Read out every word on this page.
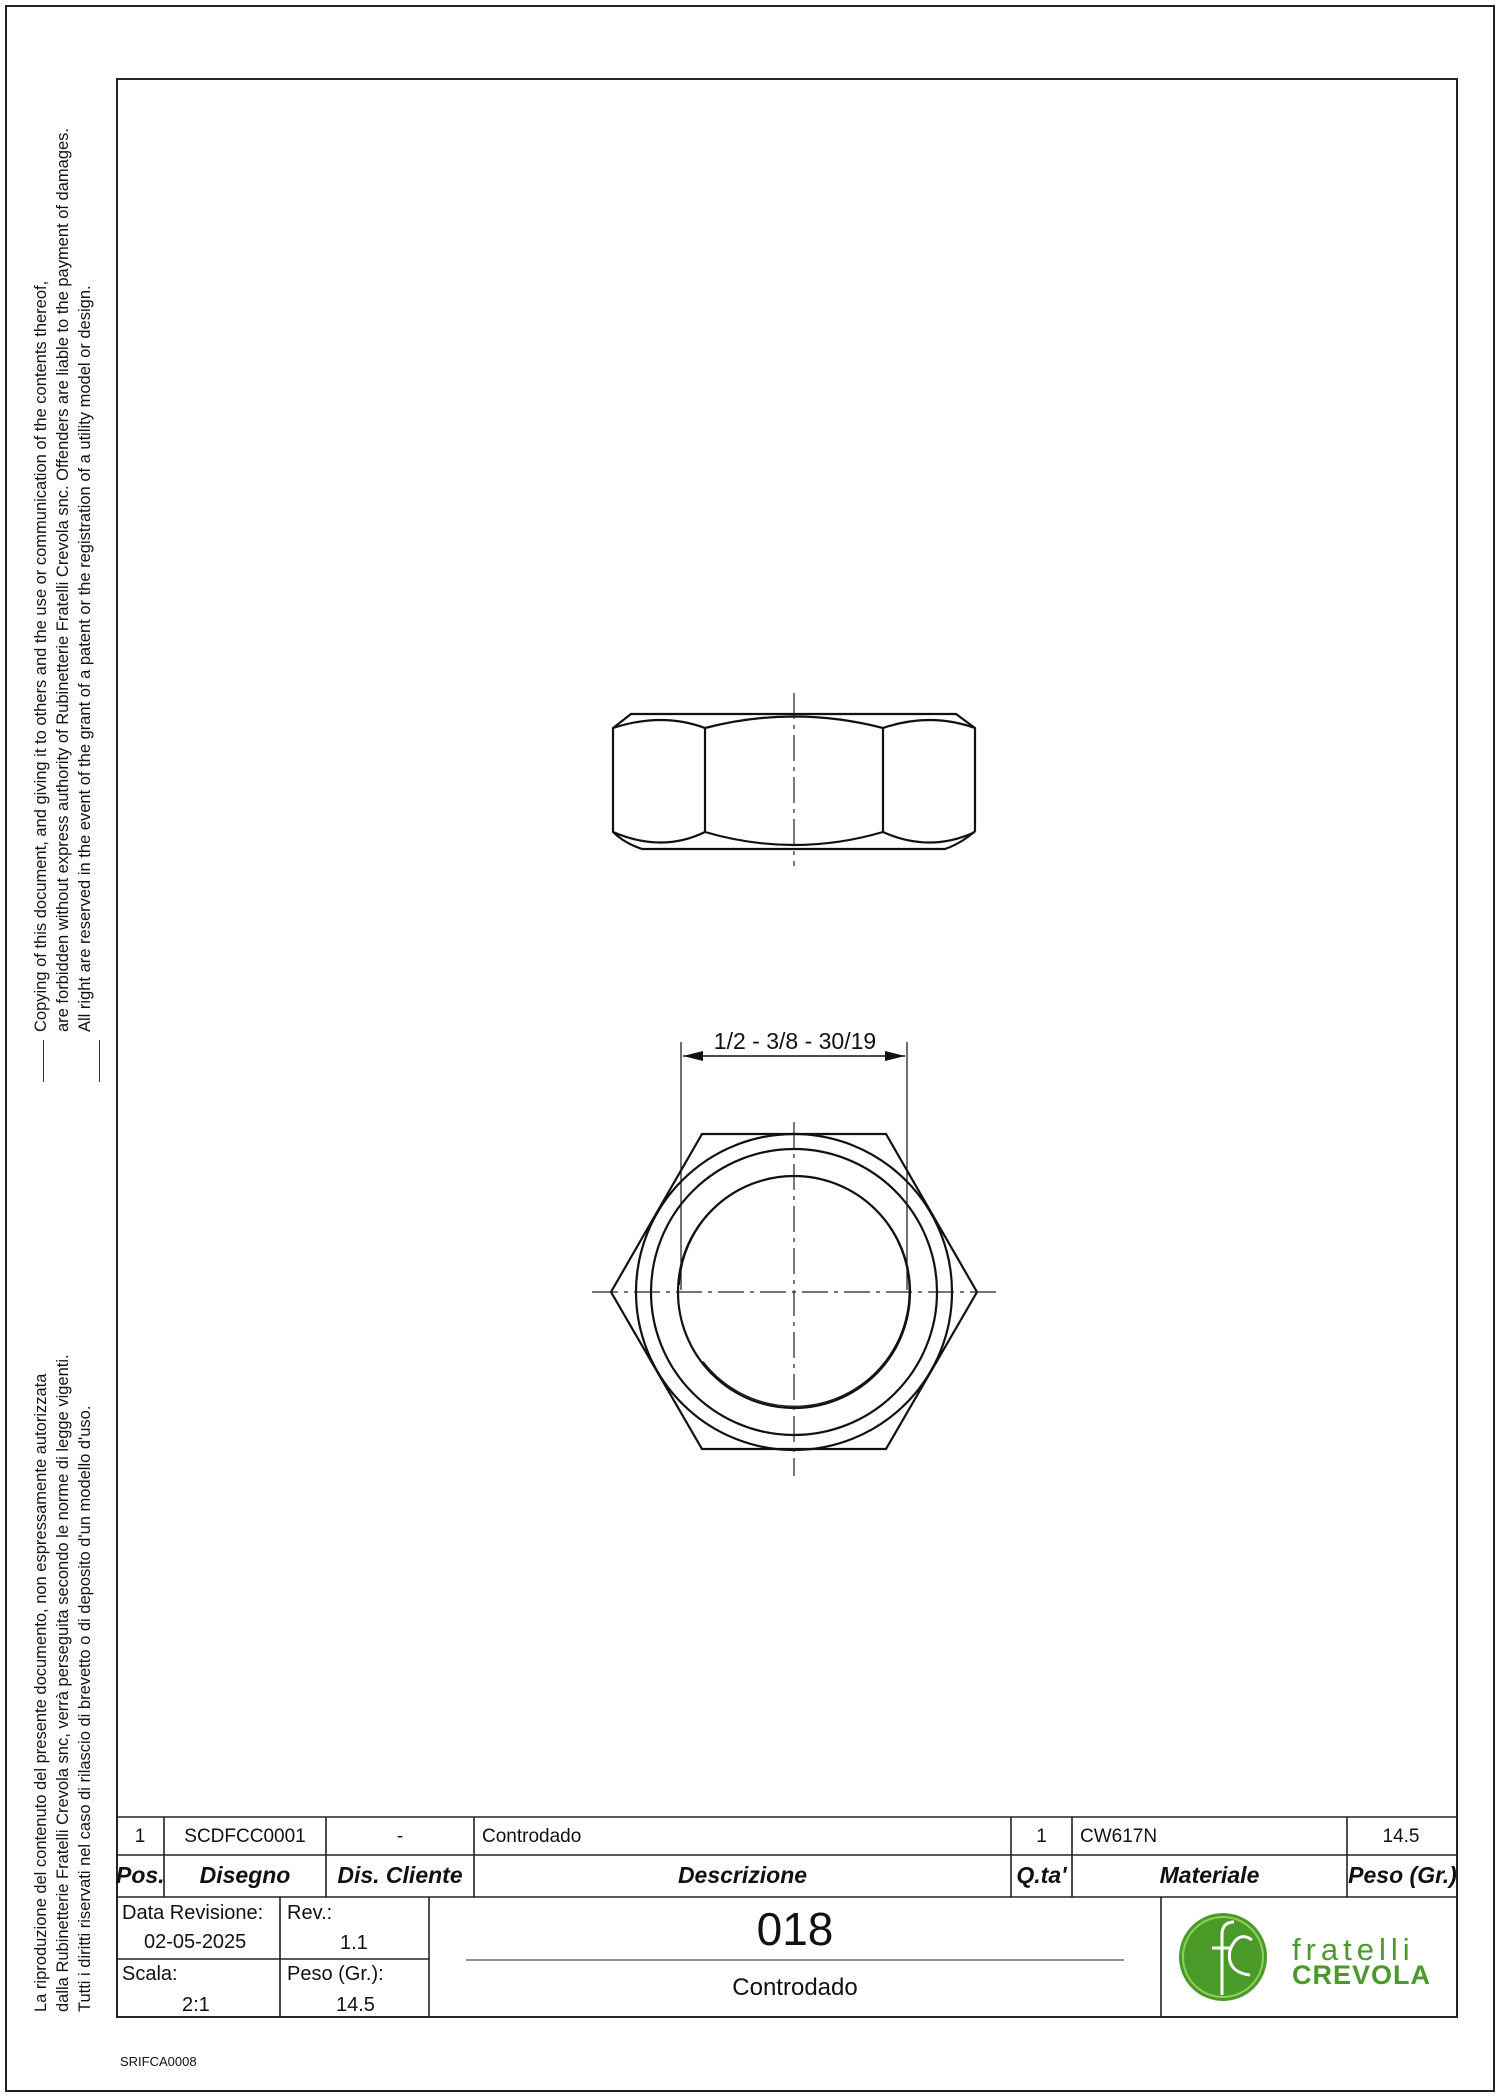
Copying of this document, and giving it to others and the use or communication of the contents thereof, are forbidden without express authority of Rubinetterie Fratelli Crevola snc. Offenders are liable to the payment of damages. All right are reserved in the event of the grant of a patent or the registration of a utility model or design.
La riproduzione del contenuto del presente documento, non espressamente autorizzata dalla Rubinetterie Fratelli Crevola snc, verrà perseguita secondo le norme di legge vigenti. Tutti i diritti riservati nel caso di rilascio di brevetto o di deposito d'un modello d'uso.
1/2 - 3/8 - 30/19
1	SCDFCC0001	-	Controdado	1	CW617N	14.5
Pos.	Disegno	Dis. Cliente	Descrizione	Q.ta'	Materiale	Peso (Gr.)
Data Revisione:
02-05-2025
Rev.:
1.1
Scala:
2:1
Peso (Gr.):
14.5
018
Controdado
fratelli
CREVOLA
SRIFCA0008
